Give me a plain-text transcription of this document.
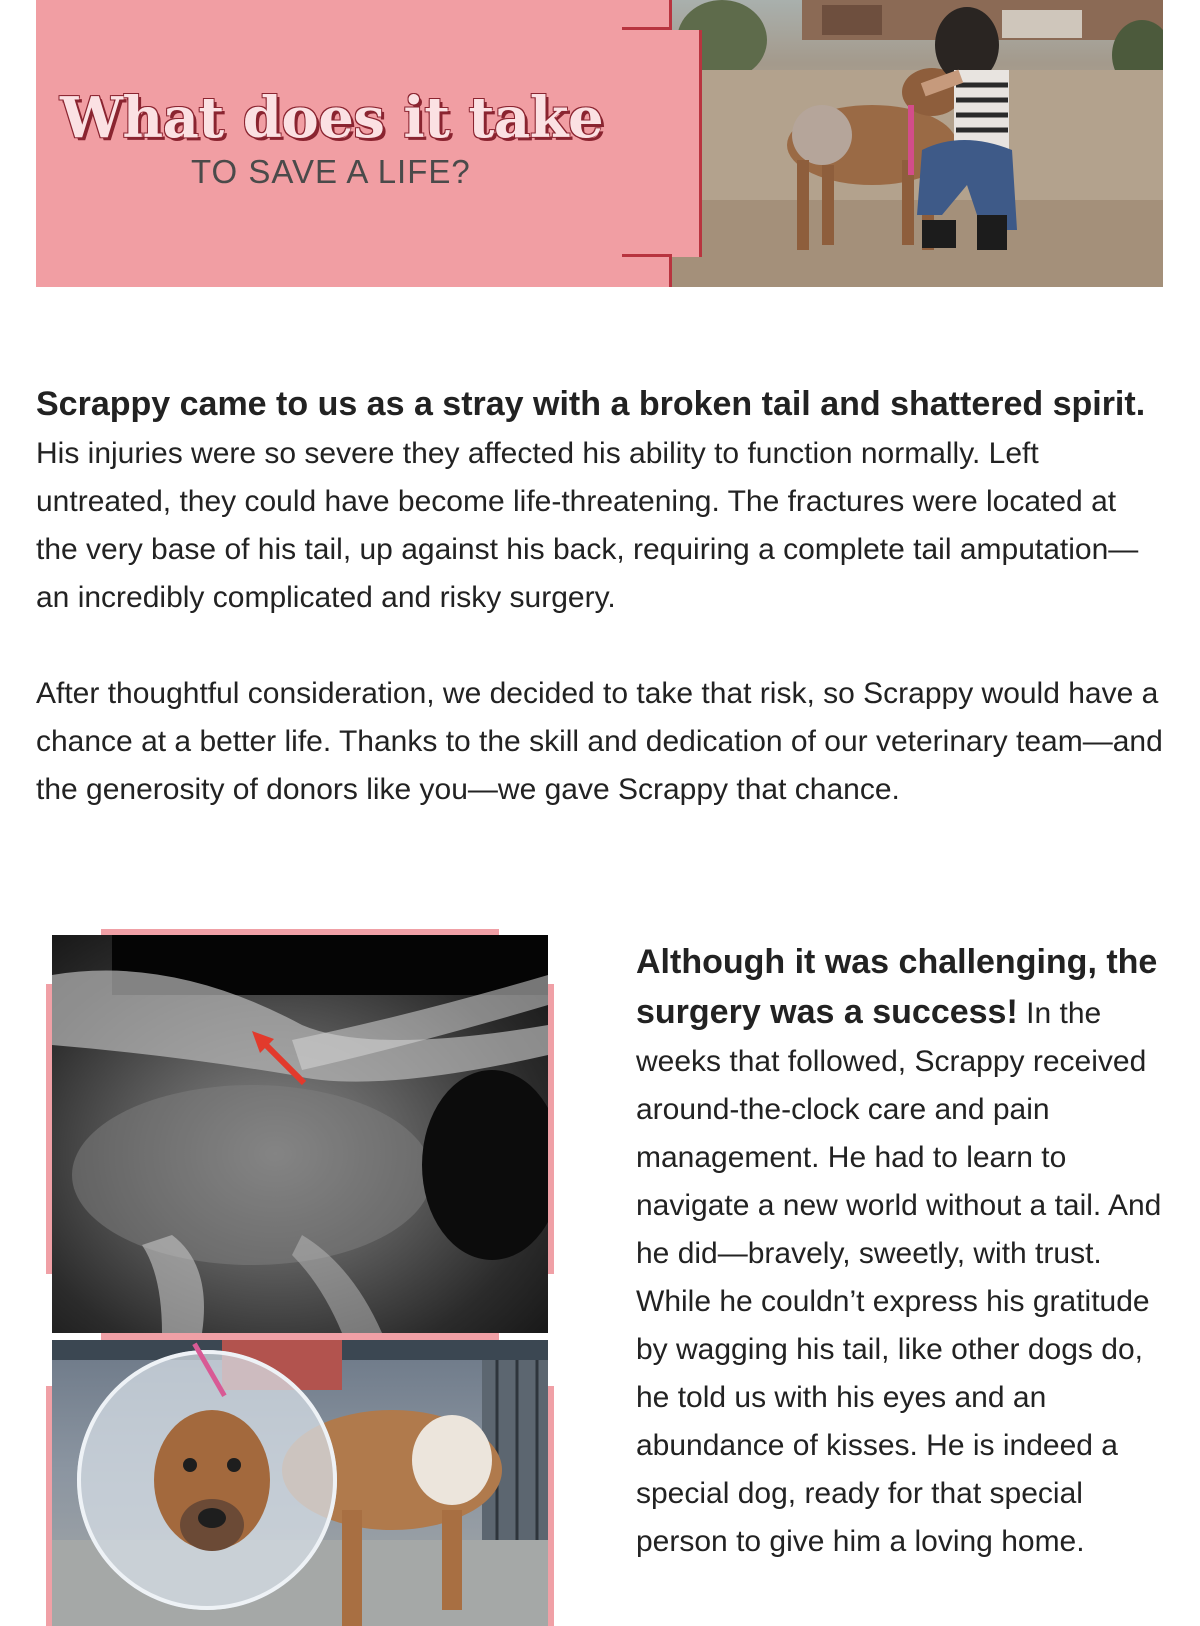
What does it take
TO SAVE A LIFE?

Scrappy came to us as a stray with a broken tail and shattered spirit. His injuries were so severe they affected his ability to function normally. Left untreated, they could have become life-threatening. The fractures were located at the very base of his tail, up against his back, requiring a complete tail amputation—an incredibly complicated and risky surgery.

After thoughtful consideration, we decided to take that risk, so Scrappy would have a chance at a better life. Thanks to the skill and dedication of our veterinary team—and the generosity of donors like you—we gave Scrappy that chance.

Although it was challenging, the surgery was a success! In the weeks that followed, Scrappy received around-the-clock care and pain management. He had to learn to navigate a new world without a tail. And he did—bravely, sweetly, with trust. While he couldn’t express his gratitude by wagging his tail, like other dogs do, he told us with his eyes and an abundance of kisses. He is indeed a special dog, ready for that special person to give him a loving home.
